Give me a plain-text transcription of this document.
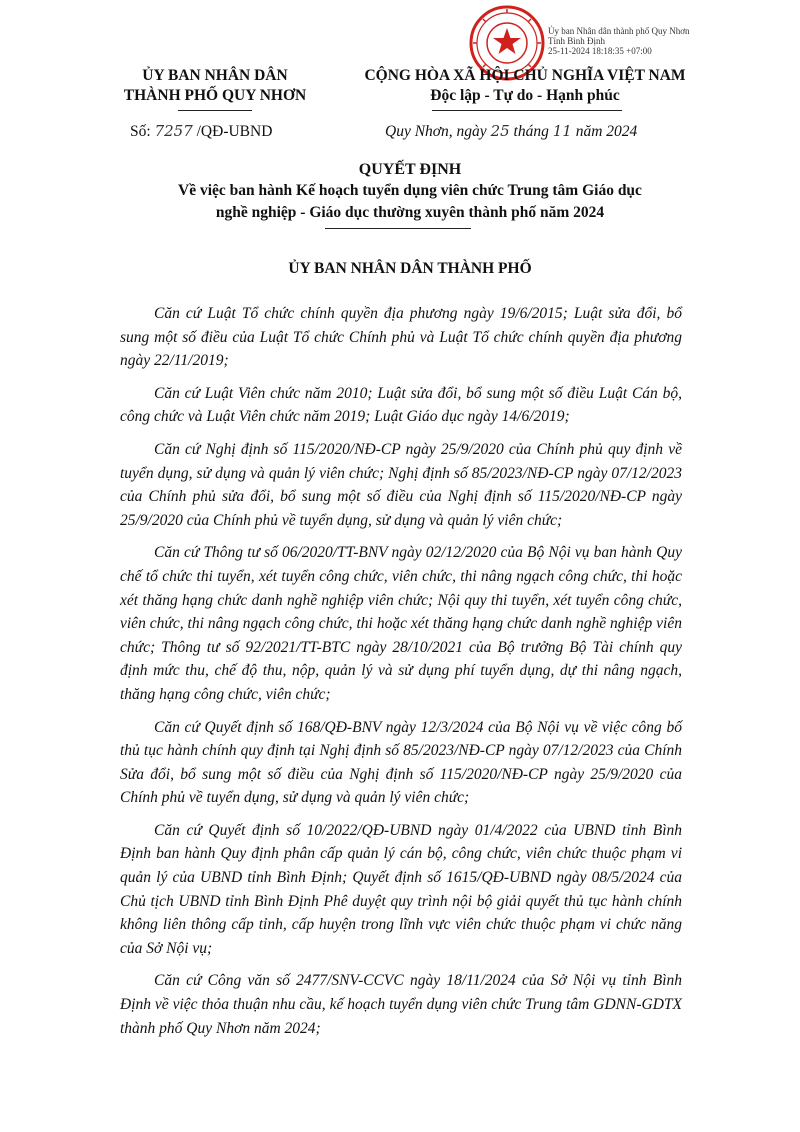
Ủy ban Nhân dân thành phố Quy Nhơn
Tỉnh Bình Định
25-11-2024 18:18:35 +07:00
ỦY BAN NHÂN DÂN
THÀNH PHỐ QUY NHƠN
CỘNG HÒA XÃ HỘI CHỦ NGHĨA VIỆT NAM
Độc lập - Tự do - Hạnh phúc
Số: 7257 /QĐ-UBND	Quy Nhơn, ngày 25 tháng 11 năm 2024
QUYẾT ĐỊNH
Về việc ban hành Kế hoạch tuyển dụng viên chức Trung tâm Giáo dục
nghề nghiệp - Giáo dục thường xuyên thành phố năm 2024
ỦY BAN NHÂN DÂN THÀNH PHỐ

Căn cứ Luật Tổ chức chính quyền địa phương ngày 19/6/2015; Luật sửa đổi, bổ sung một số điều của Luật Tổ chức Chính phủ và Luật Tổ chức chính quyền địa phương ngày 22/11/2019;

Căn cứ Luật Viên chức năm 2010; Luật sửa đổi, bổ sung một số điều Luật Cán bộ, công chức và Luật Viên chức năm 2019; Luật Giáo dục ngày 14/6/2019;

Căn cứ Nghị định số 115/2020/NĐ-CP ngày 25/9/2020 của Chính phủ quy định về tuyển dụng, sử dụng và quản lý viên chức; Nghị định số 85/2023/NĐ-CP ngày 07/12/2023 của Chính phủ sửa đổi, bổ sung một số điều của Nghị định số 115/2020/NĐ-CP ngày 25/9/2020 của Chính phủ về tuyển dụng, sử dụng và quản lý viên chức;

Căn cứ Thông tư số 06/2020/TT-BNV ngày 02/12/2020 của Bộ Nội vụ ban hành Quy chế tổ chức thi tuyển, xét tuyển công chức, viên chức, thi nâng ngạch công chức, thi hoặc xét thăng hạng chức danh nghề nghiệp viên chức; Nội quy thi tuyển, xét tuyển công chức, viên chức, thi nâng ngạch công chức, thi hoặc xét thăng hạng chức danh nghề nghiệp viên chức; Thông tư số 92/2021/TT-BTC ngày 28/10/2021 của Bộ trưởng Bộ Tài chính quy định mức thu, chế độ thu, nộp, quản lý và sử dụng phí tuyển dụng, dự thi nâng ngạch, thăng hạng công chức, viên chức;

Căn cứ Quyết định số 168/QĐ-BNV ngày 12/3/2024 của Bộ Nội vụ về việc công bố thủ tục hành chính quy định tại Nghị định số 85/2023/NĐ-CP ngày 07/12/2023 của Chính Sửa đổi, bổ sung một số điều của Nghị định số 115/2020/NĐ-CP ngày 25/9/2020 của Chính phủ về tuyển dụng, sử dụng và quản lý viên chức;

Căn cứ Quyết định số 10/2022/QĐ-UBND ngày 01/4/2022 của UBND tỉnh Bình Định ban hành Quy định phân cấp quản lý cán bộ, công chức, viên chức thuộc phạm vi quản lý của UBND tỉnh Bình Định; Quyết định số 1615/QĐ-UBND ngày 08/5/2024 của Chủ tịch UBND tỉnh Bình Định Phê duyệt quy trình nội bộ giải quyết thủ tục hành chính không liên thông cấp tỉnh, cấp huyện trong lĩnh vực viên chức thuộc phạm vi chức năng của Sở Nội vụ;

Căn cứ Công văn số 2477/SNV-CCVC ngày 18/11/2024 của Sở Nội vụ tỉnh Bình Định về việc thỏa thuận nhu cầu, kế hoạch tuyển dụng viên chức Trung tâm GDNN-GDTX thành phố Quy Nhơn năm 2024;
